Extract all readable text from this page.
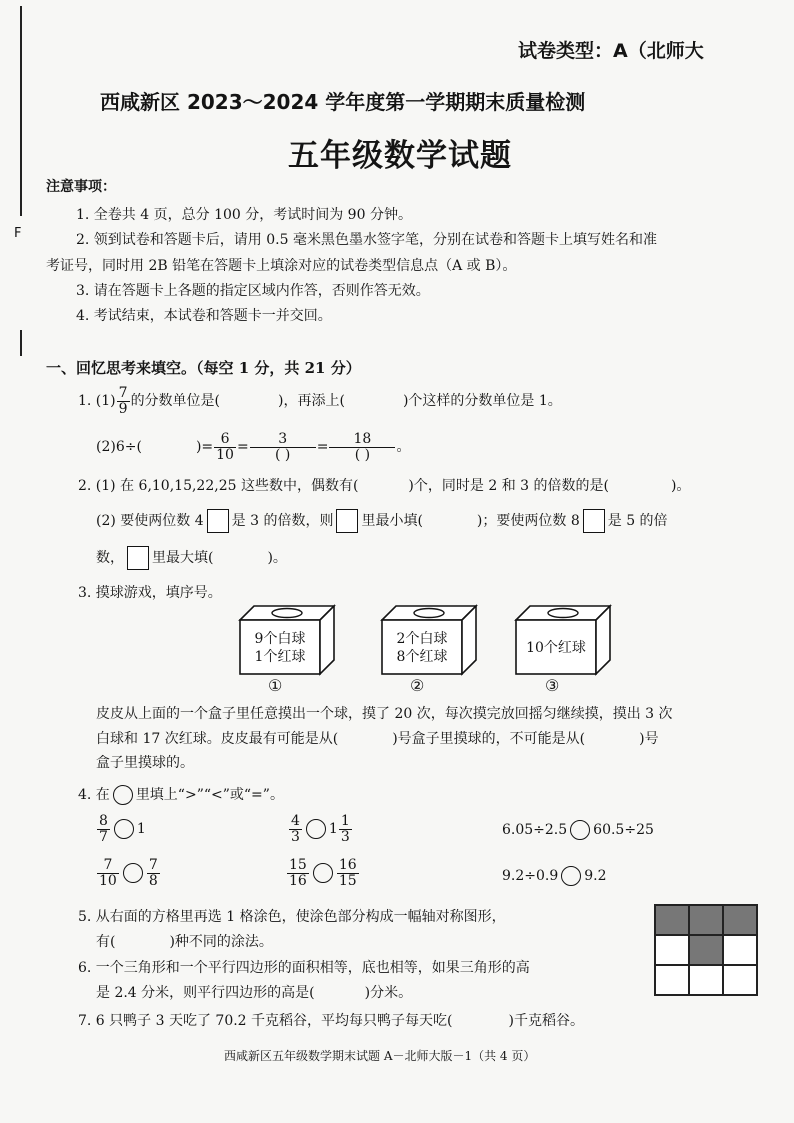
F
试卷类型：A（北师大
西咸新区 2023～2024 学年度第一学期期末质量检测
五年级数学试题
注意事项：
1. 全卷共 4 页，总分 100 分，考试时间为 90 分钟。
2. 领到试卷和答题卡后，请用 0.5 毫米黑色墨水签字笔，分别在试卷和答题卡上填写姓名和准
考证号，同时用 2B 铅笔在答题卡上填涂对应的试卷类型信息点（A 或 B）。
3. 请在答题卡上各题的指定区域内作答，否则作答无效。
4. 考试结束，本试卷和答题卡一并交回。
一、回忆思考来填空。（每空 1 分，共 21 分）
1. $(1) \frac{7}{9}$ 的分数单位是(	)，再添上(	)个这样的分数单位是 1。
(2)6÷(	)= $\frac{6}{10} = \frac{3}{( )} = \frac{18}{( )}$ 。
2. (1) 在 6,10,15,22,25 这些数中，偶数有(	)个，同时是 2 和 3 的倍数的是(	)。
(2) 要使两位数 4 是 3 的倍数，则 里最小填(	)；要使两位数 8 是 5 的倍
数， 里最大填(	)。
3. 摸球游戏，填序号。
9个白球
1个红球
2个白球
8个红球
10个红球
①	②	③
皮皮从上面的一个盒子里任意摸出一个球，摸了 20 次，每次摸完放回摇匀继续摸，摸出 3 次
白球和 17 次红球。皮皮最有可能是从(	)号盒子里摸球的，不可能是从(	)号
盒子里摸球的。
4. 在 里填上“>”“<”或“=”。
$\frac{8}{7} 1$	$\frac{4}{3} 1 \frac{1}{3}$	6.05÷2.5 60.5÷25
$\frac{7}{10} \frac{7}{8}$	$\frac{15}{16} \frac{16}{15}$	9.2÷0.9 9.2
5. 从右面的方格里再选 1 格涂色，使涂色部分构成一幅轴对称图形，
有(	)种不同的涂法。

6. 一个三角形和一个平行四边形的面积相等，底也相等，如果三角形的高
是 2.4 分米，则平行四边形的高是(	)分米。
7. 6 只鸭子 3 天吃了 70.2 千克稻谷，平均每只鸭子每天吃(	)千克稻谷。
西咸新区五年级数学期末试题 A－北师大版－1（共 4 页）
